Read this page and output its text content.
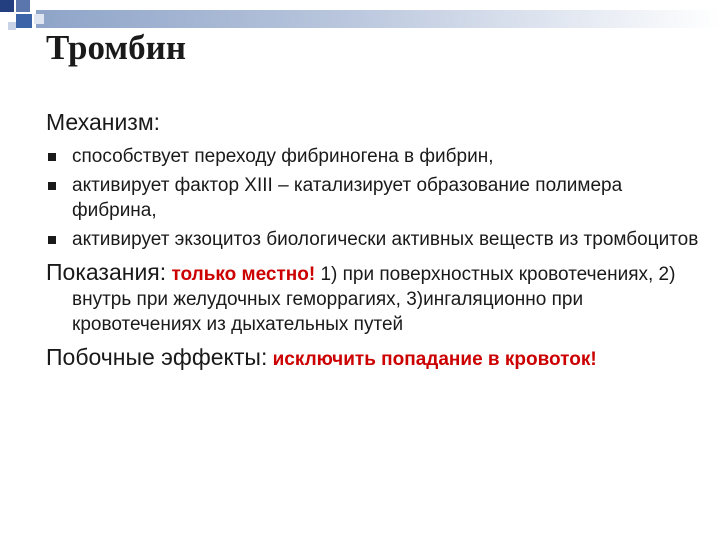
Тромбин
Механизм:
способствует переходу фибриногена в фибрин,
активирует фактор XIII – катализирует образование полимера фибрина,
активирует экзоцитоз биологически активных веществ из тромбоцитов
Показания: только местно! 1) при поверхностных кровотечениях, 2) внутрь при желудочных геморрагиях, 3)ингаляционно при кровотечениях из дыхательных путей
Побочные эффекты: исключить попадание в кровоток!
